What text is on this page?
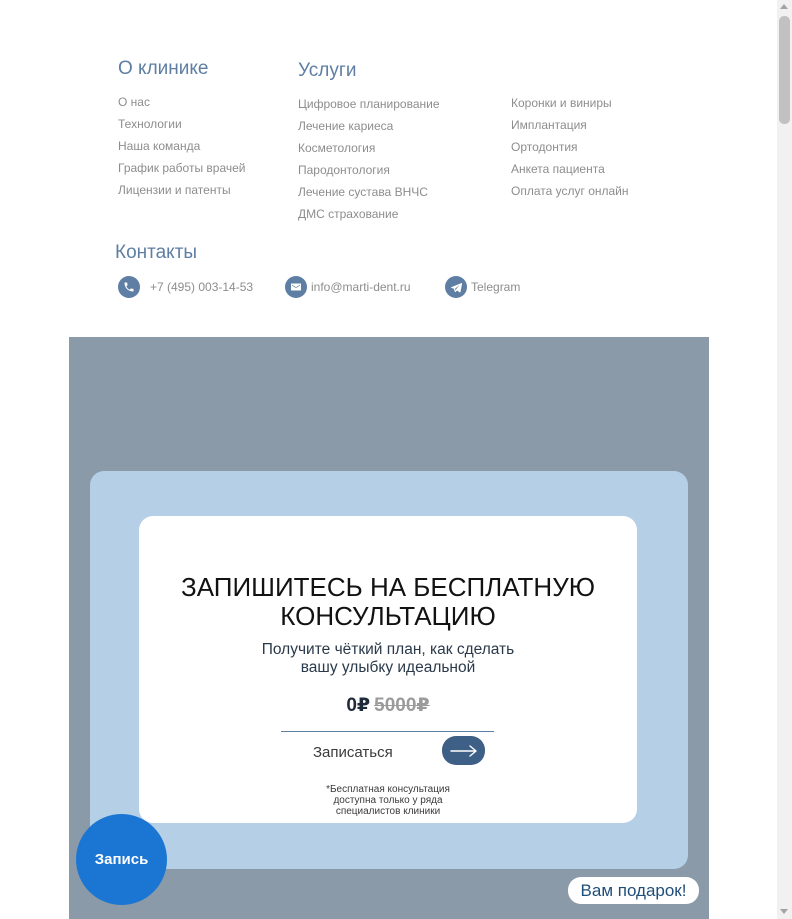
О клинике
О нас
Технологии
Наша команда
График работы врачей
Лицензии и патенты
Услуги
Цифровое планирование
Лечение кариеса
Косметология
Пародонтология
Лечение сустава ВНЧС
ДМС страхование
Коронки и виниры
Имплантация
Ортодонтия
Анкета пациента
Оплата услуг онлайн
Контакты
+7 (495) 003-14-53	info@marti-dent.ru	Telegram
ЗАПИШИТЕСЬ НА БЕСПЛАТНУЮ
КОНСУЛЬТАЦИЮ
Получите чёткий план, как сделать
вашу улыбку идеальной
0₽ 5000₽
Записаться
*Бесплатная консультация
доступна только у ряда
специалистов клиники
Запись
Вам подарок!
